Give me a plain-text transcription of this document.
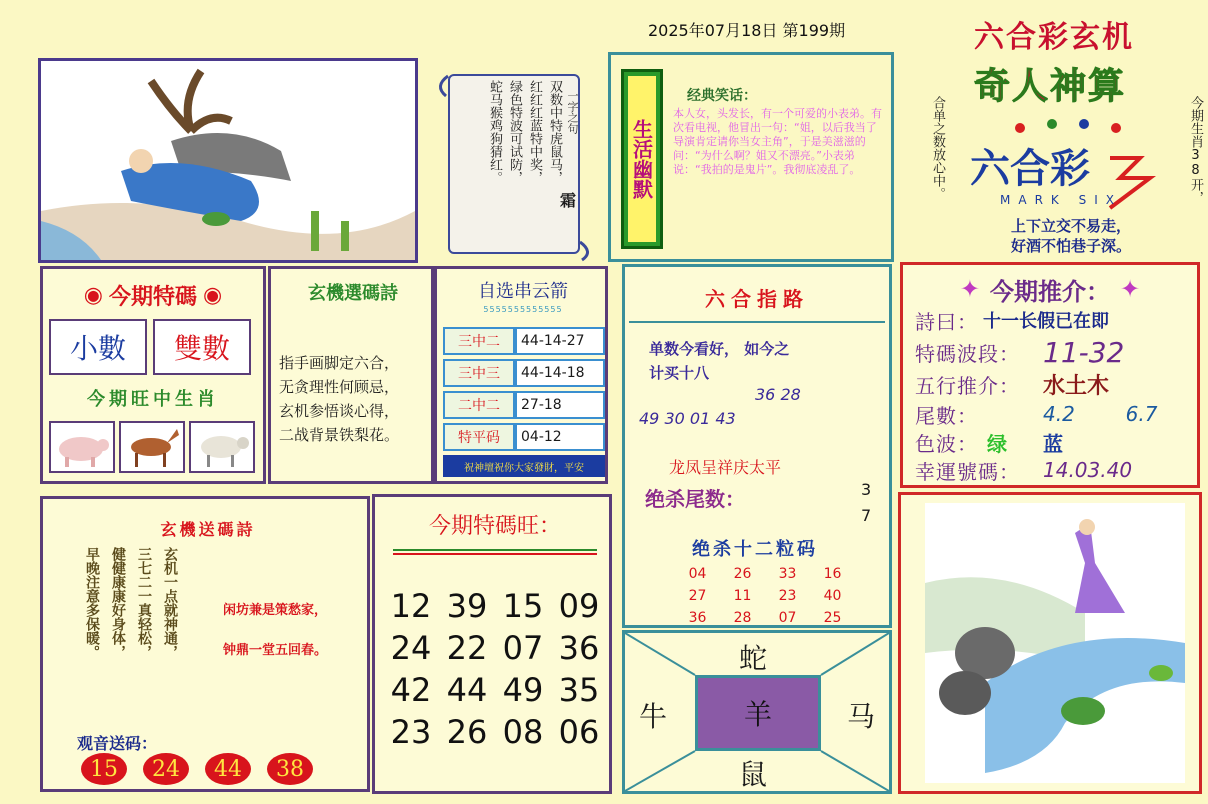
2025年07月18日 第199期	六合彩玄机
奇人神算
蛇马猴鸡狗猜红。 绿色特波可试防， 红红红蓝特中奖， 双数中特虎鼠马， 一字之句
霜
生活幽默
经典笑话：
本人女，头发长，有一个可爱的小表弟。有次看电视，他冒出一句：“姐，以后我当了导演肯定请你当女主角”，于是美滋滋的问：“为什么啊？姐又不漂亮。”小表弟说：“我拍的是鬼片”。我彻底凌乱了。	合单之数放心中。	今期生肖38开，
六合彩
MARK SIX
上下立交不易走，
好酒不怕巷子深。
◉ 今期特碼 ◉
小數	雙數
今期旺中生肖
玄機選碼詩
指手画脚定六合，
无贪理性何顾忌，
玄机参悟谈心得，
二战背景铁梨花。
自选串云箭
5555555555555
三中二	44-14-27
三中三	44-14-18
二中二	27-18
特平码	04-12
祝神壇祝你大家發財，平安
六合指路
单数今看好， 如今之
计买十八
36 28
49 30 01 43
龙凤呈祥庆太平
绝杀尾数：	3
7
绝杀十二粒码
04	26	33	16
27	11	23	40
36	28	07	25
蛇
牛	羊	马
鼠
✦ 今期推介： ✦
詩曰： 十一长假已在即
特碼波段： 11-32
五行推介：	水土木
尾數：	4.2        6.7
色波： 绿 蓝
幸運號碼：	14.03.40
玄機送碼詩
早晚注意多保暖。 健健康康好身体， 三七二一真轻松， 玄机一点就神通，	闲坊兼是策愁家，
钟鼎一堂五回春。
观音送码：
15	24	44	38
今期特碼旺：
12 39 15 09
24 22 07 36
42 44 49 35
23 26 08 06
